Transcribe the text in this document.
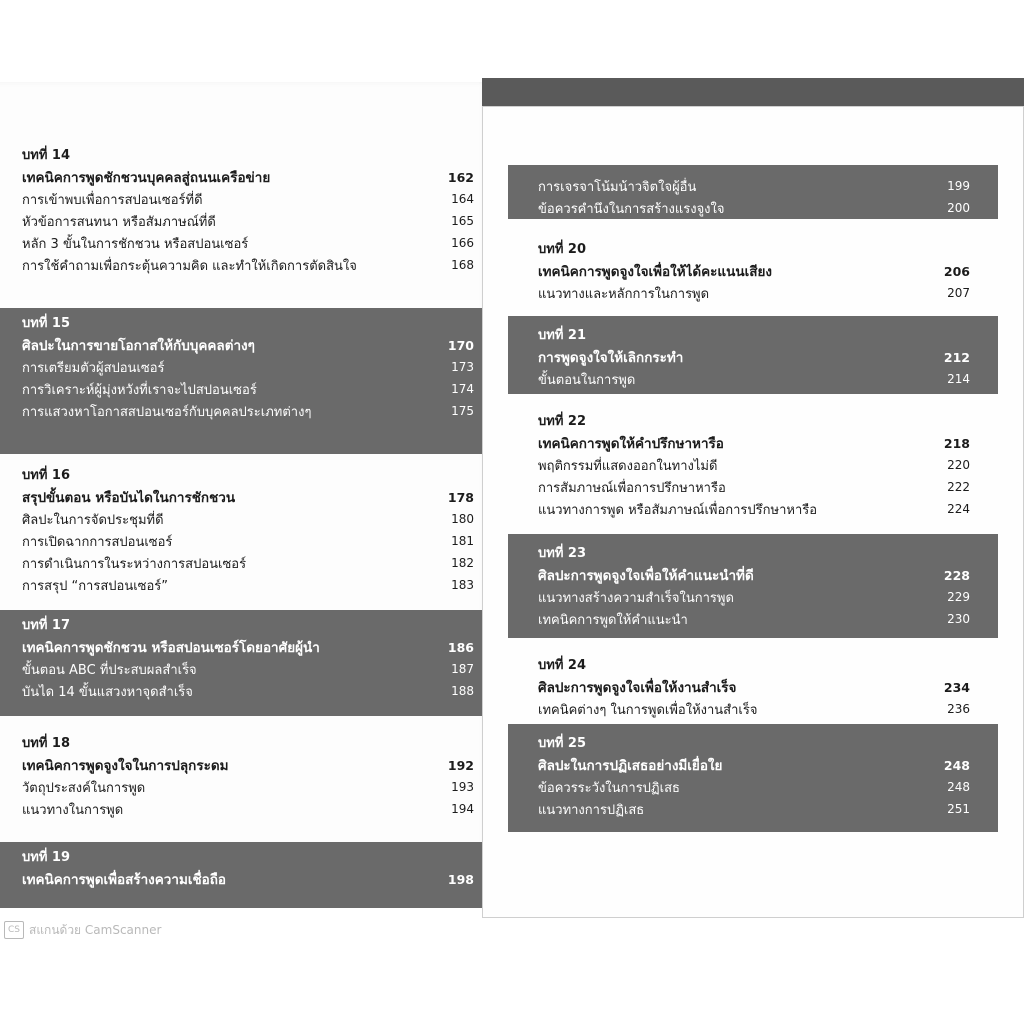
บทที่ 14
เทคนิคการพูดชักชวนบุคคลสู่ถนนเครือข่าย	162
การเข้าพบเพื่อการสปอนเซอร์ที่ดี	164
หัวข้อการสนทนา หรือสัมภาษณ์ที่ดี	165
หลัก 3 ขั้นในการชักชวน หรือสปอนเซอร์	166
การใช้คำถามเพื่อกระตุ้นความคิด และทำให้เกิดการตัดสินใจ	168
บทที่ 15
ศิลปะในการขายโอกาสให้กับบุคคลต่างๆ	170
การเตรียมตัวผู้สปอนเซอร์	173
การวิเคราะห์ผู้มุ่งหวังที่เราจะไปสปอนเซอร์	174
การแสวงหาโอกาสสปอนเซอร์กับบุคคลประเภทต่างๆ	175
บทที่ 16
สรุปขั้นตอน หรือบันไดในการชักชวน	178
ศิลปะในการจัดประชุมที่ดี	180
การเปิดฉากการสปอนเซอร์	181
การดำเนินการในระหว่างการสปอนเซอร์	182
การสรุป “การสปอนเซอร์”	183
บทที่ 17
เทคนิคการพูดชักชวน หรือสปอนเซอร์โดยอาศัยผู้นำ	186
ขั้นตอน ABC ที่ประสบผลสำเร็จ	187
บันได 14 ขั้นแสวงหาจุดสำเร็จ	188
บทที่ 18
เทคนิคการพูดจูงใจในการปลุกระดม	192
วัตถุประสงค์ในการพูด	193
แนวทางในการพูด	194
บทที่ 19
เทคนิคการพูดเพื่อสร้างความเชื่อถือ	198
การเจรจาโน้มน้าวจิตใจผู้อื่น	199
ข้อควรคำนึงในการสร้างแรงจูงใจ	200
บทที่ 20
เทคนิคการพูดจูงใจเพื่อให้ได้คะแนนเสียง	206
แนวทางและหลักการในการพูด	207
บทที่ 21
การพูดจูงใจให้เลิกกระทำ	212
ขั้นตอนในการพูด	214
บทที่ 22
เทคนิคการพูดให้คำปรึกษาหารือ	218
พฤติกรรมที่แสดงออกในทางไม่ดี	220
การสัมภาษณ์เพื่อการปรึกษาหารือ	222
แนวทางการพูด หรือสัมภาษณ์เพื่อการปรึกษาหารือ	224
บทที่ 23
ศิลปะการพูดจูงใจเพื่อให้คำแนะนำที่ดี	228
แนวทางสร้างความสำเร็จในการพูด	229
เทคนิคการพูดให้คำแนะนำ	230
บทที่ 24
ศิลปะการพูดจูงใจเพื่อให้งานสำเร็จ	234
เทคนิคต่างๆ ในการพูดเพื่อให้งานสำเร็จ	236
บทที่ 25
ศิลปะในการปฏิเสธอย่างมีเยื่อใย	248
ข้อควรระวังในการปฏิเสธ	248
แนวทางการปฏิเสธ	251
CS สแกนด้วย CamScanner
